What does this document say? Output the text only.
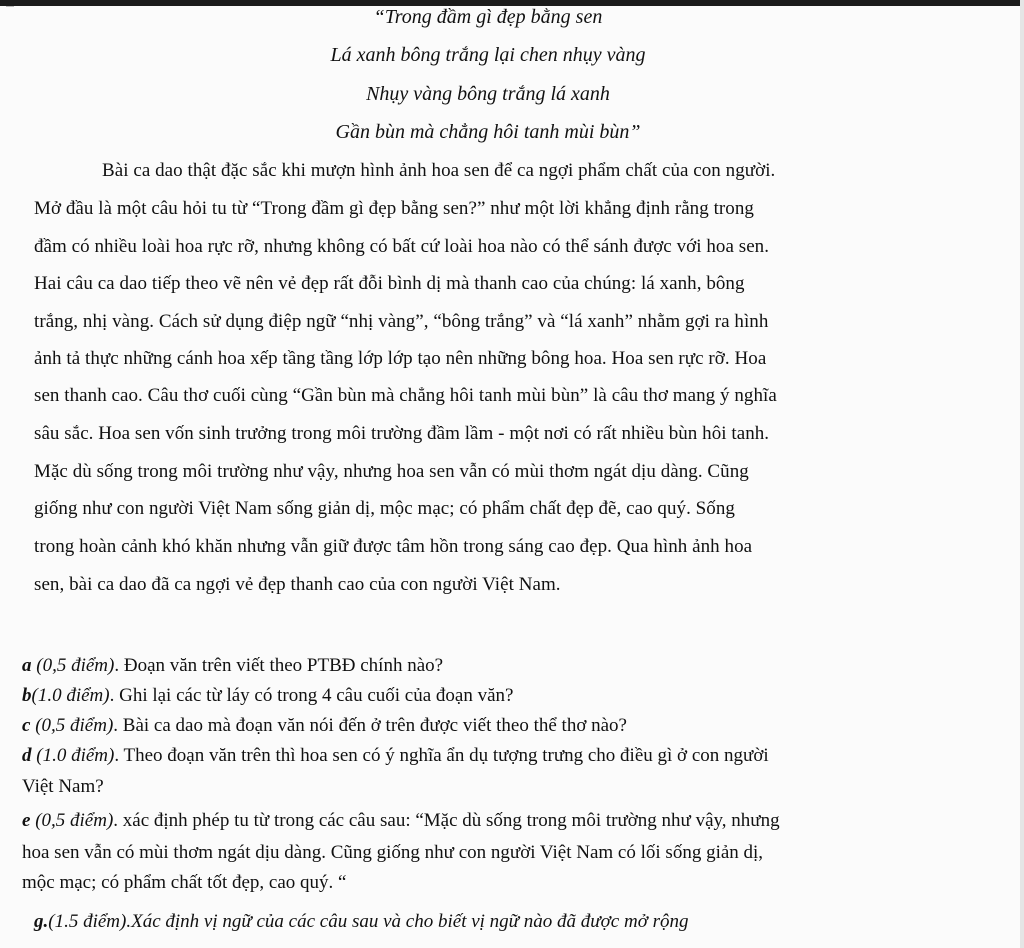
“Trong đầm gì đẹp bằng sen
Lá xanh bông trắng lại chen nhụy vàng
Nhụy vàng bông trắng lá xanh
Gần bùn mà chẳng hôi tanh mùi bùn”
Bài ca dao thật đặc sắc khi mượn hình ảnh hoa sen để ca ngợi phẩm chất của con người.
Mở đầu là một câu hỏi tu từ “Trong đầm gì đẹp bằng sen?” như một lời khẳng định rằng trong
đầm có nhiều loài hoa rực rỡ, nhưng không có bất cứ loài hoa nào có thể sánh được với hoa sen.
Hai câu ca dao tiếp theo vẽ nên vẻ đẹp rất đỗi bình dị mà thanh cao của chúng: lá xanh, bông
trắng, nhị vàng. Cách sử dụng điệp ngữ “nhị vàng”, “bông trắng” và “lá xanh” nhằm gợi ra hình
ảnh tả thực những cánh hoa xếp tầng tầng lớp lớp tạo nên những bông hoa. Hoa sen rực rỡ. Hoa
sen thanh cao. Câu thơ cuối cùng “Gần bùn mà chẳng hôi tanh mùi bùn” là câu thơ mang ý nghĩa
sâu sắc. Hoa sen vốn sinh trưởng trong môi trường đầm lầm - một nơi có rất nhiều bùn hôi tanh.
Mặc dù sống trong môi trường như vậy, nhưng hoa sen vẫn có mùi thơm ngát dịu dàng. Cũng
giống như con người Việt Nam sống giản dị, mộc mạc; có phẩm chất đẹp đẽ, cao quý. Sống
trong hoàn cảnh khó khăn nhưng vẫn giữ được tâm hồn trong sáng cao đẹp. Qua hình ảnh hoa
sen, bài ca dao đã ca ngợi vẻ đẹp thanh cao của con người Việt Nam.
a (0,5 điểm). Đoạn văn trên viết theo PTBĐ chính nào?
b(1.0 điểm). Ghi lại các từ láy có trong 4 câu cuối của đoạn văn?
c (0,5 điểm). Bài ca dao mà đoạn văn nói đến ở trên được viết theo thể thơ nào?
d (1.0 điểm). Theo đoạn văn trên thì hoa sen có ý nghĩa ẩn dụ tượng trưng cho điều gì ở con người
Việt Nam?
e (0,5 điểm). xác định phép tu từ trong các câu sau: “Mặc dù sống trong môi trường như vậy, nhưng
hoa sen vẫn có mùi thơm ngát dịu dàng. Cũng giống như con người Việt Nam có lối sống giản dị,
mộc mạc; có phẩm chất tốt đẹp, cao quý. “
g.(1.5 điểm).Xác định vị ngữ của các câu sau và cho biết vị ngữ nào đã được mở rộng
